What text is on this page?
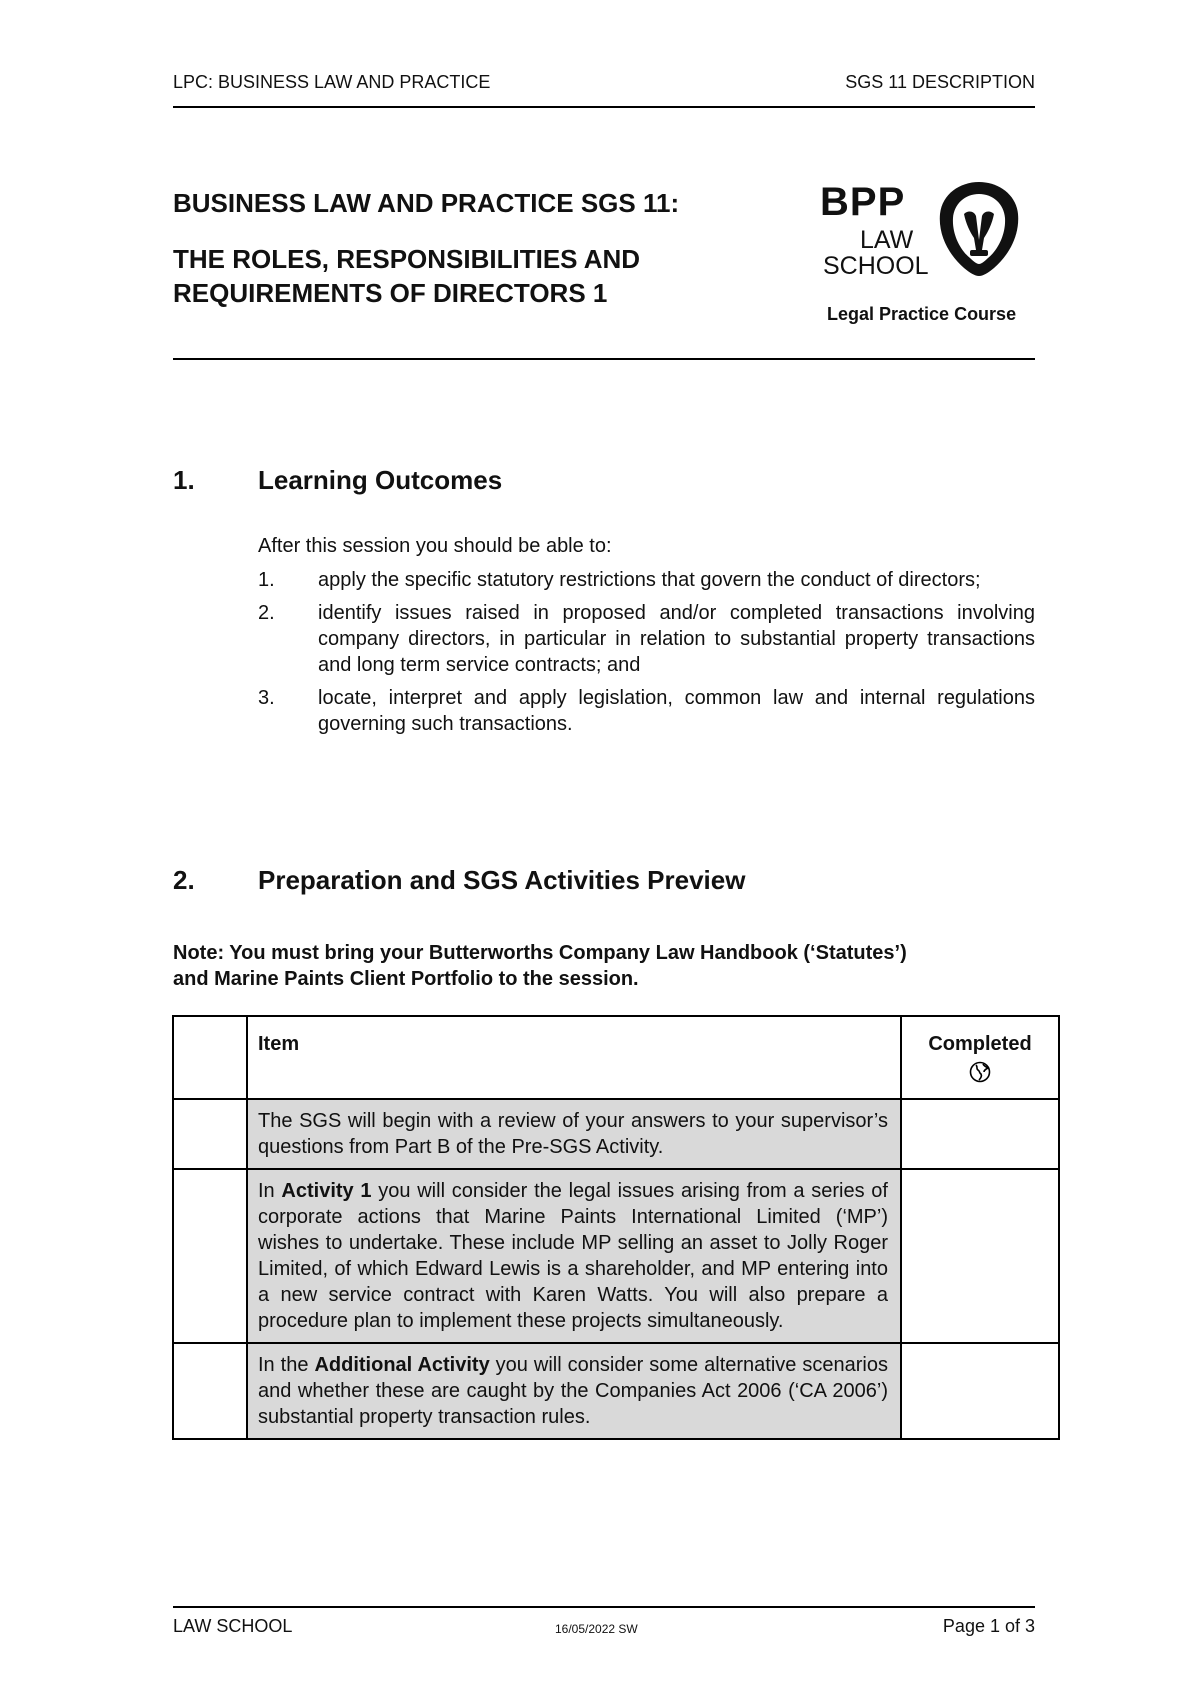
LPC: BUSINESS LAW AND PRACTICE	SGS 11 DESCRIPTION

BUSINESS LAW AND PRACTICE SGS 11:

THE ROLES, RESPONSIBILITIES AND

REQUIREMENTS OF DIRECTORS 1

BPP
LAW
SCHOOL
Legal Practice Course
1. Learning Outcomes
After this session you should be able to:
1. apply the specific statutory restrictions that govern the conduct of directors;
2. identify issues raised in proposed and/or completed transactions involving company directors, in particular in relation to substantial property transactions and long term service contracts; and
3. locate, interpret and apply legislation, common law and internal regulations governing such transactions.
2. Preparation and SGS Activities Preview
Note: You must bring your Butterworths Company Law Handbook (‘Statutes’)
and Marine Paints Client Portfolio to the session.
	Item	Completed

	The SGS will begin with a review of your answers to your supervisor’s questions from Part B of the Pre-SGS Activity.	
	In Activity 1 you will consider the legal issues arising from a series of corporate actions that Marine Paints International Limited (‘MP’) wishes to undertake. These include MP selling an asset to Jolly Roger Limited, of which Edward Lewis is a shareholder, and MP entering into a new service contract with Karen Watts. You will also prepare a procedure plan to implement these projects simultaneously.	
	In the Additional Activity you will consider some alternative scenarios and whether these are caught by the Companies Act 2006 (‘CA 2006’) substantial property transaction rules.	
LAW SCHOOL	16/05/2022 SW	Page 1 of 3
